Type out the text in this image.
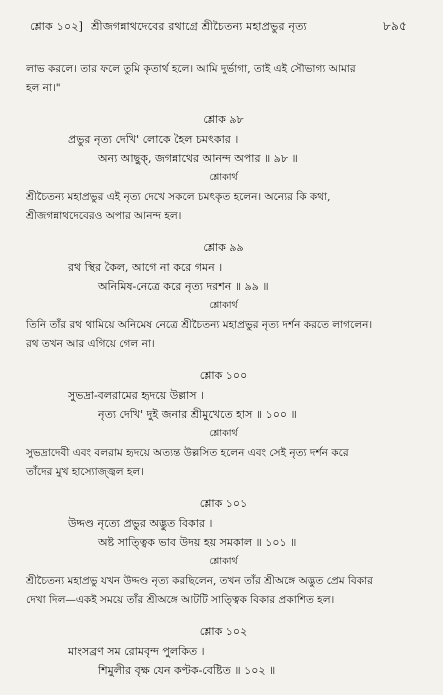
শ্লোক ১০২] শ্রীজগন্নাথদেবের রথাগ্রে শ্রীচৈতন্য মহাপ্রভুর নৃত্য	৮৯৫

লাভ করলে। তার ফলে তুমি কৃতার্থ হলে। আমি দুর্ভাগা, তাই এই সৌভাগ্য আমার

হল না।"

শ্লোক ৯৮

প্রভুর নৃত্য দেখি' লোকে হৈল চমৎকার ।

অন্য আছুক্, জগন্নাথের আনন্দ অপার ॥ ৯৮ ॥

শ্লোকার্থ

শ্রীচৈতন্য মহাপ্রভুর এই নৃত্য দেখে সকলে চমৎকৃত হলেন। অন্যের কি কথা,

শ্রীজগন্নাথদেবেরও অপার আনন্দ হল।

শ্লোক ৯৯

রথ স্থির কৈল, আগে না করে গমন ।

অনিমিষ-নেত্রে করে নৃত্য দরশন ॥ ৯৯ ॥

শ্লোকার্থ

তিনি তাঁর রথ থামিয়ে অনিমেষ নেত্রে শ্রীচৈতন্য মহাপ্রভুর নৃত্য দর্শন করতে লাগলেন।

রথ তখন আর এগিয়ে গেল না।

শ্লোক ১০০

সুভদ্রা-বলরামের হৃদয়ে উল্লাস ।

নৃত্য দেখি' দুই জনার শ্রীমুখেতে হাস ॥ ১০০ ॥

শ্লোকার্থ

সুভদ্রাদেবী এবং বলরাম হৃদয়ে অত্যন্ত উল্লসিত হলেন এবং সেই নৃত্য দর্শন করে

তাঁদের মুখ হাস্যোজ্জ্বল হল।

শ্লোক ১০১

উদ্দণ্ড নৃত্যে প্রভুর অদ্ভুত বিকার ।

অষ্ট সাত্ত্বিক ভাব উদয় হয় সমকাল ॥ ১০১ ॥

শ্লোকার্থ

শ্রীচৈতন্য মহাপ্রভু যখন উদ্দণ্ড নৃত্য করছিলেন, তখন তাঁর শ্রীঅঙ্গে অদ্ভুত প্রেম বিকার

দেখা দিল—একই সময়ে তাঁর শ্রীঅঙ্গে আটটি সাত্ত্বিক বিকার প্রকাশিত হল।

শ্লোক ১০২

মাংসব্রণ সম রোমবৃন্দ পুলকিত ।

শিমুলীর বৃক্ষ যেন কণ্টক-বেষ্টিত ॥ ১০২ ॥
